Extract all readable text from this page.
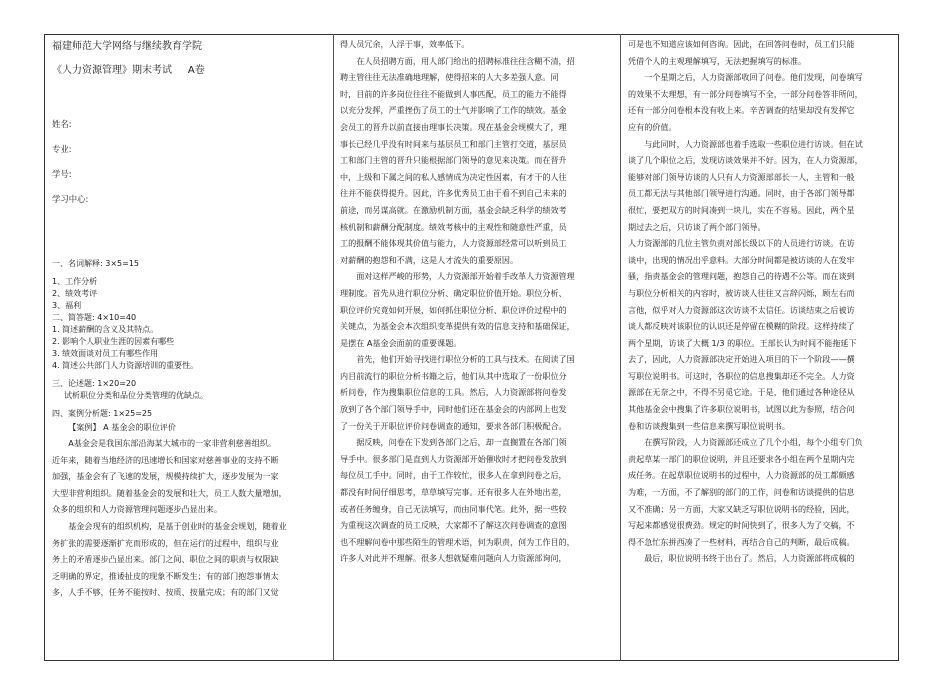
福建师范大学网络与继续教育学院

《人力资源管理》期末考试 A卷

姓名:

专业:

学号:

学习中心:

一、名词解释: 3×5=15

1、工作分析

2、绩效考评

3、福利

二、简答题: 4×10=40

1. 简述薪酬的含义及其特点。

2. 影响个人职业生涯的因素有哪些

3. 绩效面谈对员工有哪些作用

4. 简述公共部门人力资源培训的重要性。

三、论述题: 1×20=20

试析职位分类和品位分类管理的优缺点。

四、案例分析题: 1×25=25

【案例】 A 基金会的职位评价

A基金会是我国东部沿海某大城市的一家非营利慈善组织。

近年来，随着当地经济的迅速增长和国家对慈善事业的支持不断

加强，基金会有了飞速的发展，规模持续扩大，逐步发展为一家

大型非营利组织。随着基金会的发展和壮大，员工人数大量增加，

众多的组织和人力资源管理问题逐步凸显出来。

基金会现有的组织机构，是基于创业时的基金会规划，随着业

务扩张的需要逐渐扩充而形成的，但在运行的过程中，组织与业

务上的矛盾逐步凸显出来。部门之间、职位之间的职责与权限缺

乏明确的界定，推诿扯皮的现象不断发生；有的部门抱怨事情太

多，人手不够，任务不能按时、按质、按量完成；有的部门又觉

得人员冗余，人浮于事，效率低下。

在人员招聘方面，用人部门给出的招聘标准往往含糊不清，招

聘主管往往无法准确地理解，使得招来的人大多差强人意。同

时，目前的许多岗位往往不能做到人事匹配，员工的能力不能得

以充分发挥，严重挫伤了员工的士气并影响了工作的绩效。基金

会员工的晋升以前直接由理事长决策。现在基金会规模大了，理

事长已经几乎没有时间来与基层员工和部门主管打交道，基层员

工和部门主管的晋升只能根据部门领导的意见来决策。而在晋升

中，上级和下属之间的私人感情成为决定性因素，有才干的人往

往并不能获得提升。因此，许多优秀员工由于看不到自己未来的

前途，而另谋高就。在激励机制方面，基金会缺乏科学的绩效考

核机制和薪酬分配制度。绩效考核中的主观性和随意性严重，员

工的报酬不能体现其价值与能力，人力资源部经常可以听到员工

对薪酬的抱怨和不满，这是人才流失的重要原因。

面对这样严峻的形势，人力资源部开始着手改革人力资源管理

理制度。首先从进行职位分析、确定职位价值开始。职位分析、

职位评价究竟如何开展，如何抓住职位分析、职位评价过程中的

关键点，为基金会本次组织变革提供有效的信息支持和基础保证，

是摆在 A基金会面前的重要课题。

首先，他们开始寻找进行职位分析的工具与技术。在阅读了国

内目前流行的职位分析书籍之后，他们从其中选取了一份职位分

析问卷，作为搜集职位信息的工具。然后，人力资源部将问卷发

放到了各个部门领导手中，同时他们还在基金会的内部网上也发

了一份关于开职位评价问卷调查的通知，要求各部门积极配合。

据反映，问卷在下发到各部门之后，却一直搁置在各部门领

导手中。很多部门是直到人力资源部开始催收时才把问卷发放到

每位员工手中。同时，由于工作较忙，很多人在拿到问卷之后，

都没有时间仔细思考，草草填写完事。还有很多人在外地出差，

或者任务缠身，自己无法填写，而由同事代笔。此外，据一些较

为重视这次调查的员工反映，大家都不了解这次问卷调查的意图

也不理解问卷中那些陌生的管理术语，何为职责，何为工作目的，

许多人对此并不理解。很多人想就疑难问题向人力资源部询问，

可是也不知道应该如何咨询。因此，在回答问卷时，员工们只能

凭借个人的主观理解填写，无法把握填写的标准。

一个星期之后，人力资源部收回了问卷。他们发现，问卷填写

的效果不太理想，有一部分问卷填写不全，一部分问卷答非所问，

还有一部分问卷根本没有收上来。辛苦调查的结果却没有发挥它

应有的价值。

与此同时，人力资源部也着手选取一些职位进行访谈。但在试

谈了几个职位之后，发现访谈效果并不好。因为，在人力资源部，

能够对部门领导访谈的人只有人力资源部部长一人，主管和一般

员工都无法与其他部门领导进行沟通。同时，由于各部门领导都

很忙，要把双方的时间凑到一块儿，实在不容易。因此，两个星

期过去之后，只访谈了两个部门领导。

人力资源部的几位主管负责对部长级以下的人员进行访谈。在访

谈中，出现的情况出乎意料。大部分时间都是被访谈的人在发牢

骚，指责基金会的管理问题，抱怨自己的待遇不公等。而在谈到

与职位分析相关的内容时，被访谈人往往又言辞闪烁，顾左右而

言他，似乎对人力资源部这次访谈不太信任。访谈结束之后被访

谈人都反映对该职位的认识还是停留在模糊的阶段。这样持续了

两个星期，访谈了大概 1/3 的职位。王部长认为时间不能拖延下

去了，因此，人力资源部决定开始进入项目的下一个阶段——撰

写职位说明书。可这时，各职位的信息搜集却还不完全。人力资

源部在无奈之中，不得不另觅它途。于是，他们通过各种途径从

其他基金会中搜集了许多职位说明书，试图以此为参照，结合问

卷和访谈搜集到一些信息来撰写职位说明书。

在撰写阶段，人力资源部还成立了几个小组，每个小组专门负

责起草某一部门的职位说明，并且还要求各小组在两个星期内完

成任务。在起草职位说明书的过程中，人力资源部的员工都颇感

为难，一方面，不了解别的部门的工作，问卷和访谈提供的信息

又不准确；另一方面，大家又缺乏写职位说明书的经验，因此，

写起来都感觉很费劲。规定的时间快到了，很多人为了交稿，不

得不急忙东拼西凑了一些材料，再结合自己的判断，最后成稿。

最后，职位说明书终于出台了。然后，人力资源部将成稿的
